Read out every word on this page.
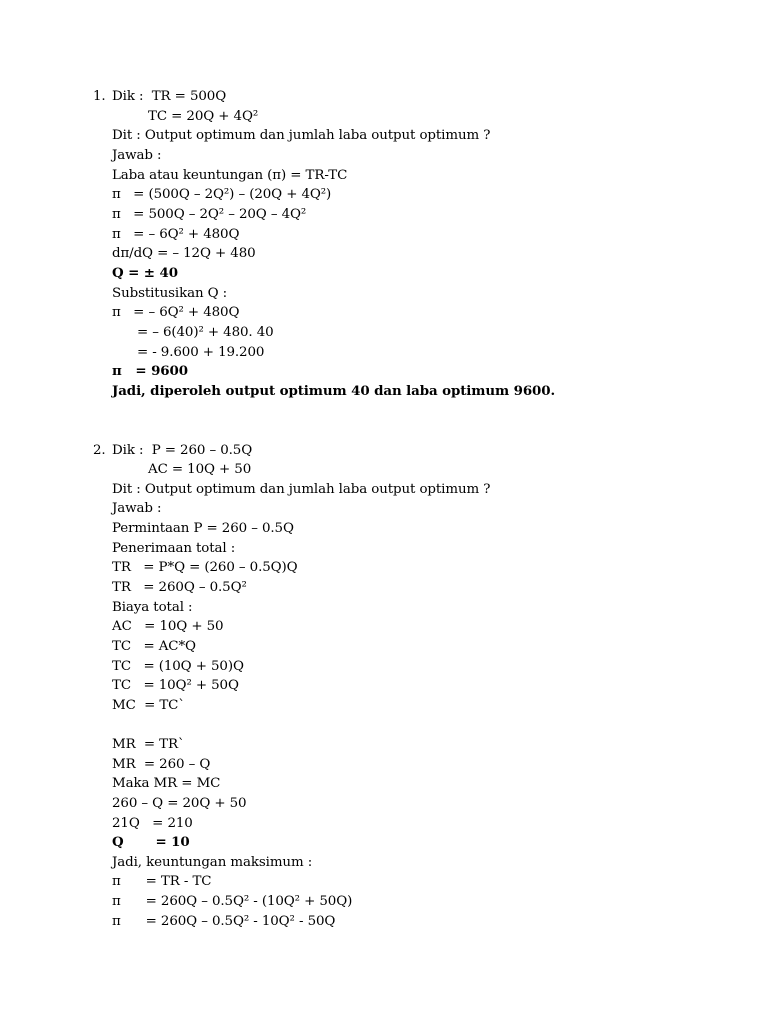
1. Dik :  TR = 500Q
TC = 20Q + 4Q²
Dit : Output optimum dan jumlah laba output optimum ?
Jawab :
Laba atau keuntungan (π) = TR-TC
π   = (500Q – 2Q²) – (20Q + 4Q²)
π   = 500Q – 2Q² – 20Q – 4Q²
π   = – 6Q² + 480Q
dπ/dQ = – 12Q + 480
Q = ± 40
Substitusikan Q :
π   = – 6Q² + 480Q
= – 6(40)² + 480. 40
= - 9.600 + 19.200
π   = 9600
Jadi, diperoleh output optimum 40 dan laba optimum 9600.
2. Dik :  P = 260 – 0.5Q
AC = 10Q + 50
Dit : Output optimum dan jumlah laba output optimum ?
Jawab :
Permintaan P = 260 – 0.5Q
Penerimaan total :
TR   = P*Q = (260 – 0.5Q)Q
TR   = 260Q – 0.5Q²
Biaya total :
AC   = 10Q + 50
TC   = AC*Q
TC   = (10Q + 50)Q
TC   = 10Q² + 50Q
MC  = TC`
MR  = TR`
MR  = 260 – Q
Maka MR = MC
260 – Q = 20Q + 50
21Q   = 210
Q       = 10
Jadi, keuntungan maksimum :
π      = TR - TC
π      = 260Q – 0.5Q² - (10Q² + 50Q)
π      = 260Q – 0.5Q² - 10Q² - 50Q
